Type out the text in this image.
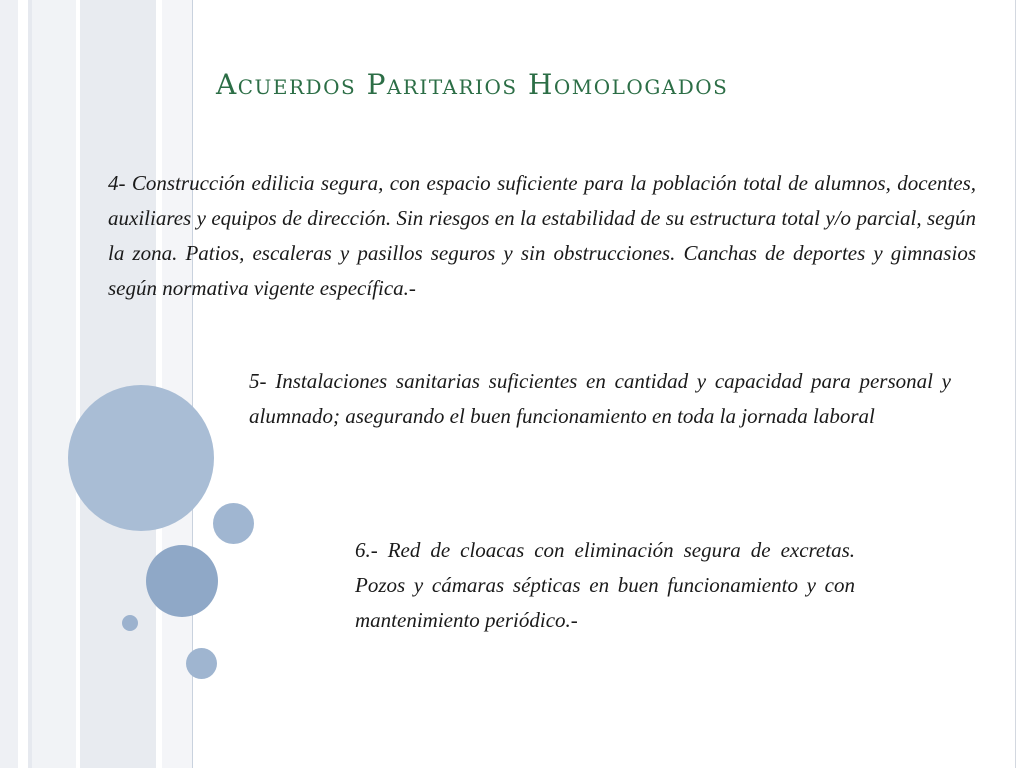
Acuerdos Paritarios Homologados

4- Construcción edilicia segura, con espacio suficiente para la población total de alumnos, docentes, auxiliares y equipos de dirección. Sin riesgos en la estabilidad de su estructura total y/o parcial, según la zona. Patios, escaleras y pasillos seguros y sin obstrucciones. Canchas de deportes y gimnasios según normativa vigente específica.-

5- Instalaciones sanitarias suficientes en cantidad y capacidad para personal y alumnado; asegurando el buen funcionamiento en toda la jornada laboral

6.- Red de cloacas con eliminación segura de excretas. Pozos y cámaras sépticas en buen funcionamiento y con mantenimiento periódico.-
